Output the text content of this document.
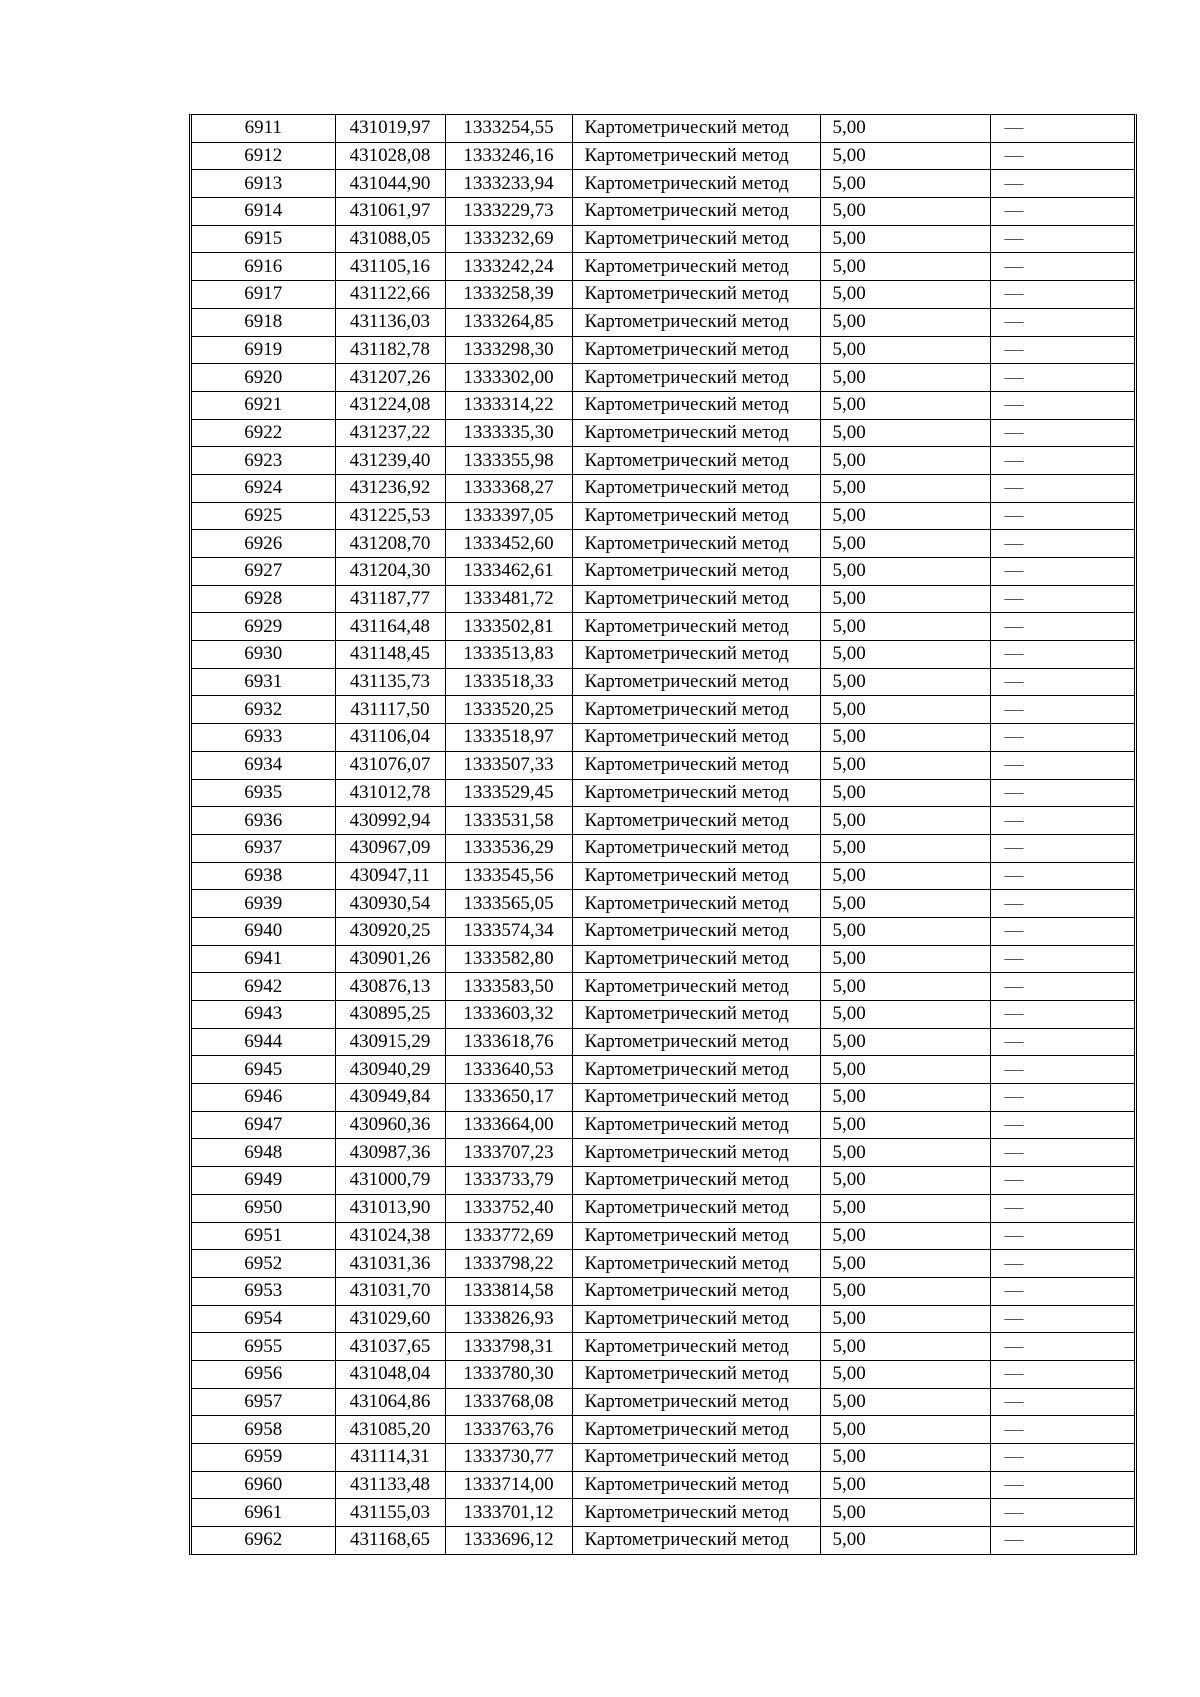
6911	431019,97	1333254,55	Картометрический метод	5,00	—
6912	431028,08	1333246,16	Картометрический метод	5,00	—
6913	431044,90	1333233,94	Картометрический метод	5,00	—
6914	431061,97	1333229,73	Картометрический метод	5,00	—
6915	431088,05	1333232,69	Картометрический метод	5,00	—
6916	431105,16	1333242,24	Картометрический метод	5,00	—
6917	431122,66	1333258,39	Картометрический метод	5,00	—
6918	431136,03	1333264,85	Картометрический метод	5,00	—
6919	431182,78	1333298,30	Картометрический метод	5,00	—
6920	431207,26	1333302,00	Картометрический метод	5,00	—
6921	431224,08	1333314,22	Картометрический метод	5,00	—
6922	431237,22	1333335,30	Картометрический метод	5,00	—
6923	431239,40	1333355,98	Картометрический метод	5,00	—
6924	431236,92	1333368,27	Картометрический метод	5,00	—
6925	431225,53	1333397,05	Картометрический метод	5,00	—
6926	431208,70	1333452,60	Картометрический метод	5,00	—
6927	431204,30	1333462,61	Картометрический метод	5,00	—
6928	431187,77	1333481,72	Картометрический метод	5,00	—
6929	431164,48	1333502,81	Картометрический метод	5,00	—
6930	431148,45	1333513,83	Картометрический метод	5,00	—
6931	431135,73	1333518,33	Картометрический метод	5,00	—
6932	431117,50	1333520,25	Картометрический метод	5,00	—
6933	431106,04	1333518,97	Картометрический метод	5,00	—
6934	431076,07	1333507,33	Картометрический метод	5,00	—
6935	431012,78	1333529,45	Картометрический метод	5,00	—
6936	430992,94	1333531,58	Картометрический метод	5,00	—
6937	430967,09	1333536,29	Картометрический метод	5,00	—
6938	430947,11	1333545,56	Картометрический метод	5,00	—
6939	430930,54	1333565,05	Картометрический метод	5,00	—
6940	430920,25	1333574,34	Картометрический метод	5,00	—
6941	430901,26	1333582,80	Картометрический метод	5,00	—
6942	430876,13	1333583,50	Картометрический метод	5,00	—
6943	430895,25	1333603,32	Картометрический метод	5,00	—
6944	430915,29	1333618,76	Картометрический метод	5,00	—
6945	430940,29	1333640,53	Картометрический метод	5,00	—
6946	430949,84	1333650,17	Картометрический метод	5,00	—
6947	430960,36	1333664,00	Картометрический метод	5,00	—
6948	430987,36	1333707,23	Картометрический метод	5,00	—
6949	431000,79	1333733,79	Картометрический метод	5,00	—
6950	431013,90	1333752,40	Картометрический метод	5,00	—
6951	431024,38	1333772,69	Картометрический метод	5,00	—
6952	431031,36	1333798,22	Картометрический метод	5,00	—
6953	431031,70	1333814,58	Картометрический метод	5,00	—
6954	431029,60	1333826,93	Картометрический метод	5,00	—
6955	431037,65	1333798,31	Картометрический метод	5,00	—
6956	431048,04	1333780,30	Картометрический метод	5,00	—
6957	431064,86	1333768,08	Картометрический метод	5,00	—
6958	431085,20	1333763,76	Картометрический метод	5,00	—
6959	431114,31	1333730,77	Картометрический метод	5,00	—
6960	431133,48	1333714,00	Картометрический метод	5,00	—
6961	431155,03	1333701,12	Картометрический метод	5,00	—
6962	431168,65	1333696,12	Картометрический метод	5,00	—
